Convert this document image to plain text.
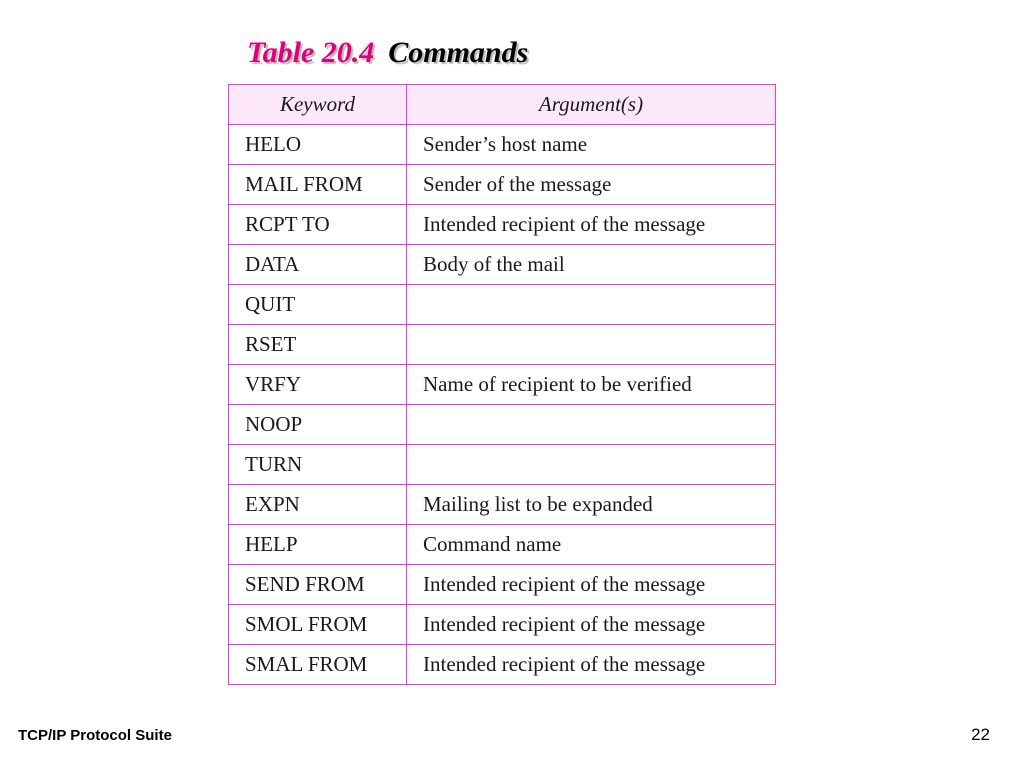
Table 20.4 Commands
Keyword	Argument(s)
HELO	Sender’s host name
MAIL FROM	Sender of the message
RCPT TO	Intended recipient of the message
DATA	Body of the mail
QUIT	
RSET	
VRFY	Name of recipient to be verified
NOOP	
TURN	
EXPN	Mailing list to be expanded
HELP	Command name
SEND FROM	Intended recipient of the message
SMOL FROM	Intended recipient of the message
SMAL FROM	Intended recipient of the message
TCP/IP Protocol Suite	22
